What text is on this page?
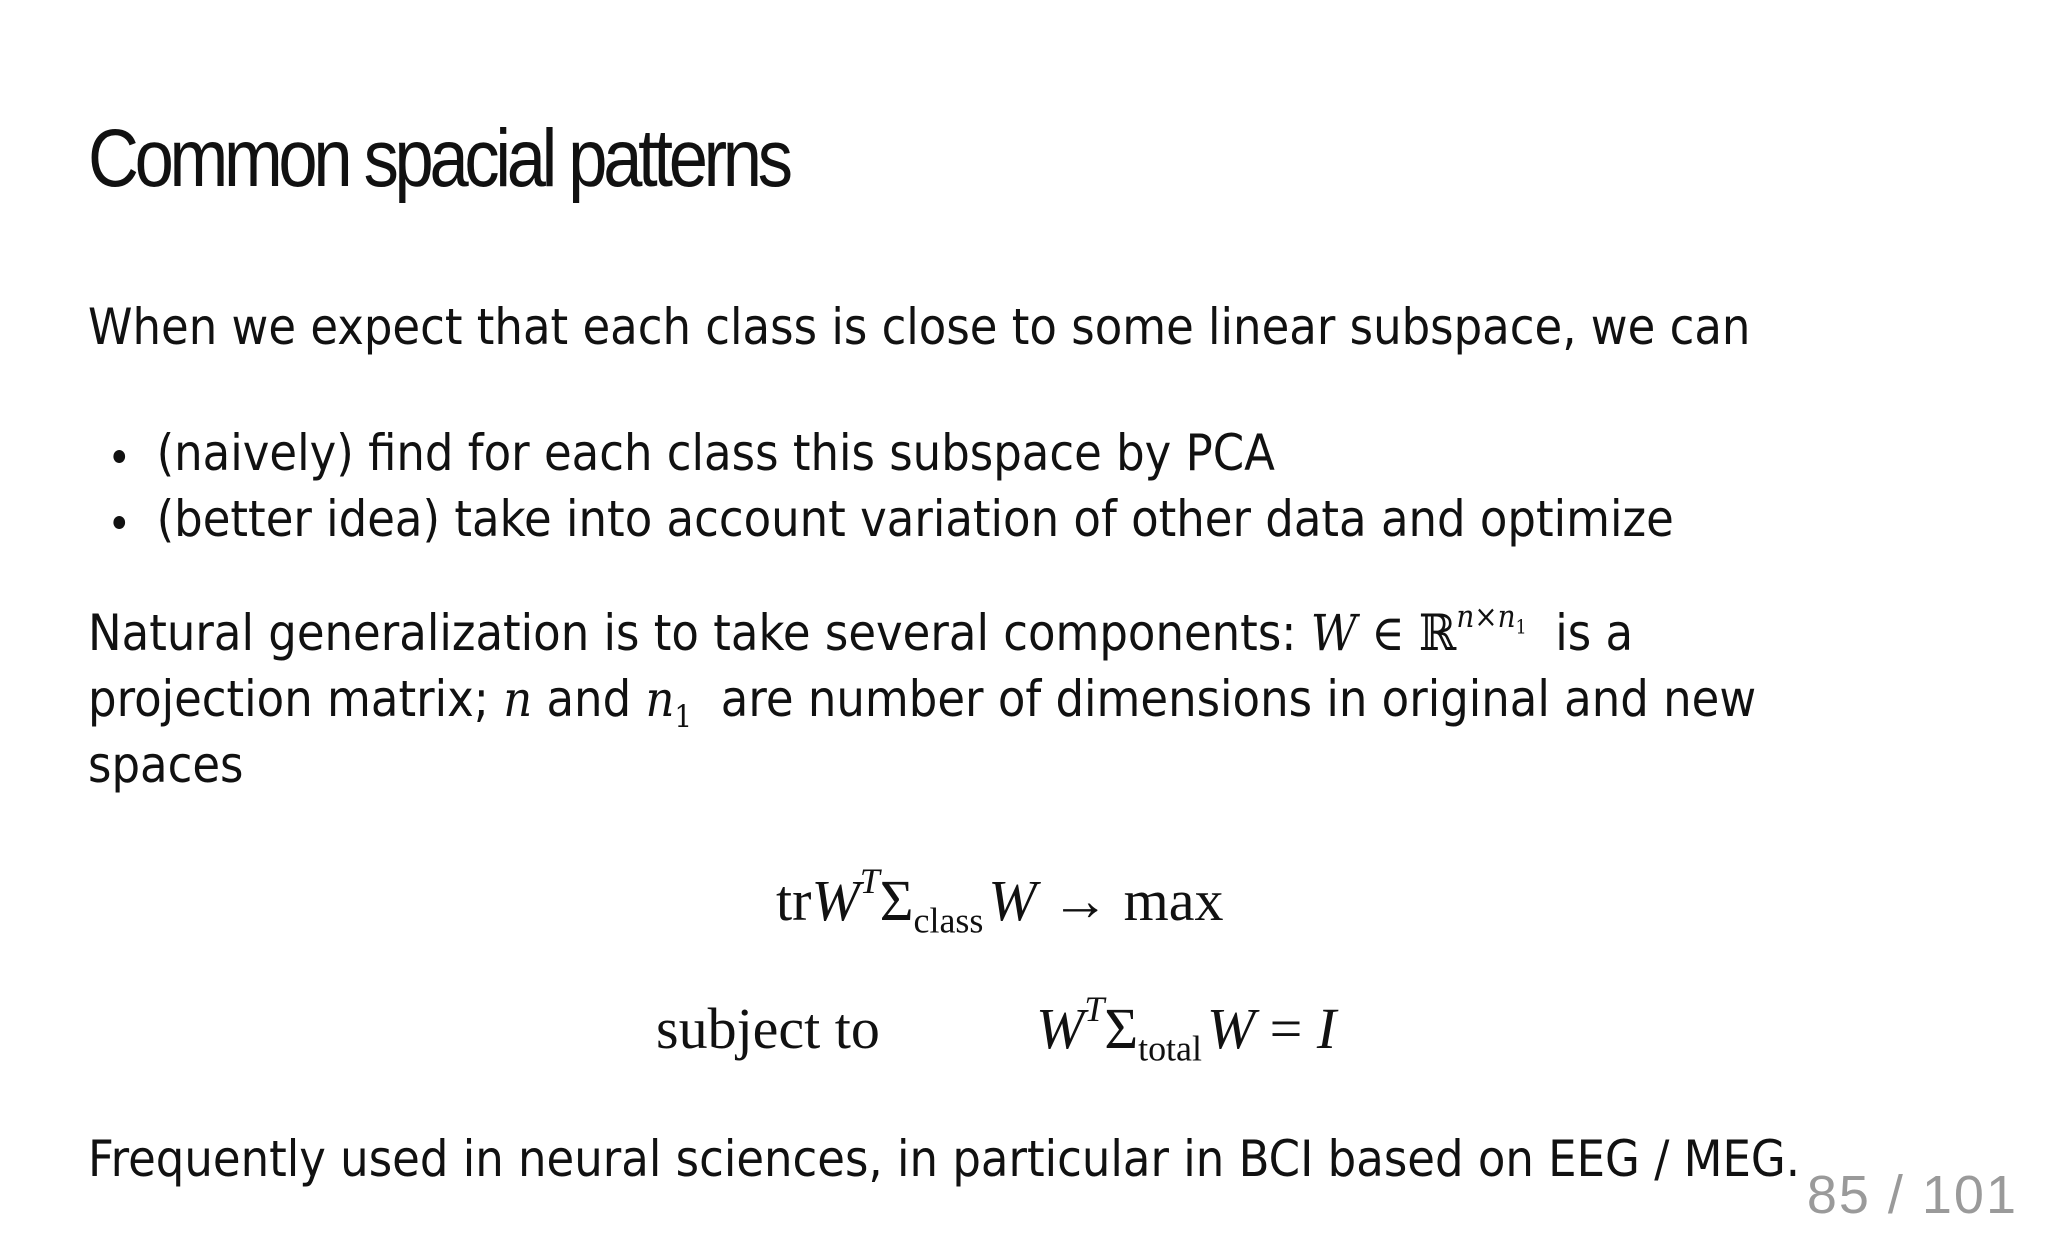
Common spacial patterns
When we expect that each class is close to some linear subspace, we can
(naively) find for each class this subspace by PCA
(better idea) take into account variation of other data and optimize
Natural generalization is to take several components: W ∈ ℝ$^{n\times n_1}$  is a
projection matrix; n and $n_1$  are number of dimensions in original and new
spaces
$trW^T\Sigma_{class}$ W → max
subject to	$W^T\Sigma_{total}$ W = I
Frequently used in neural sciences, in particular in BCI based on EEG / MEG.
85 / 101
